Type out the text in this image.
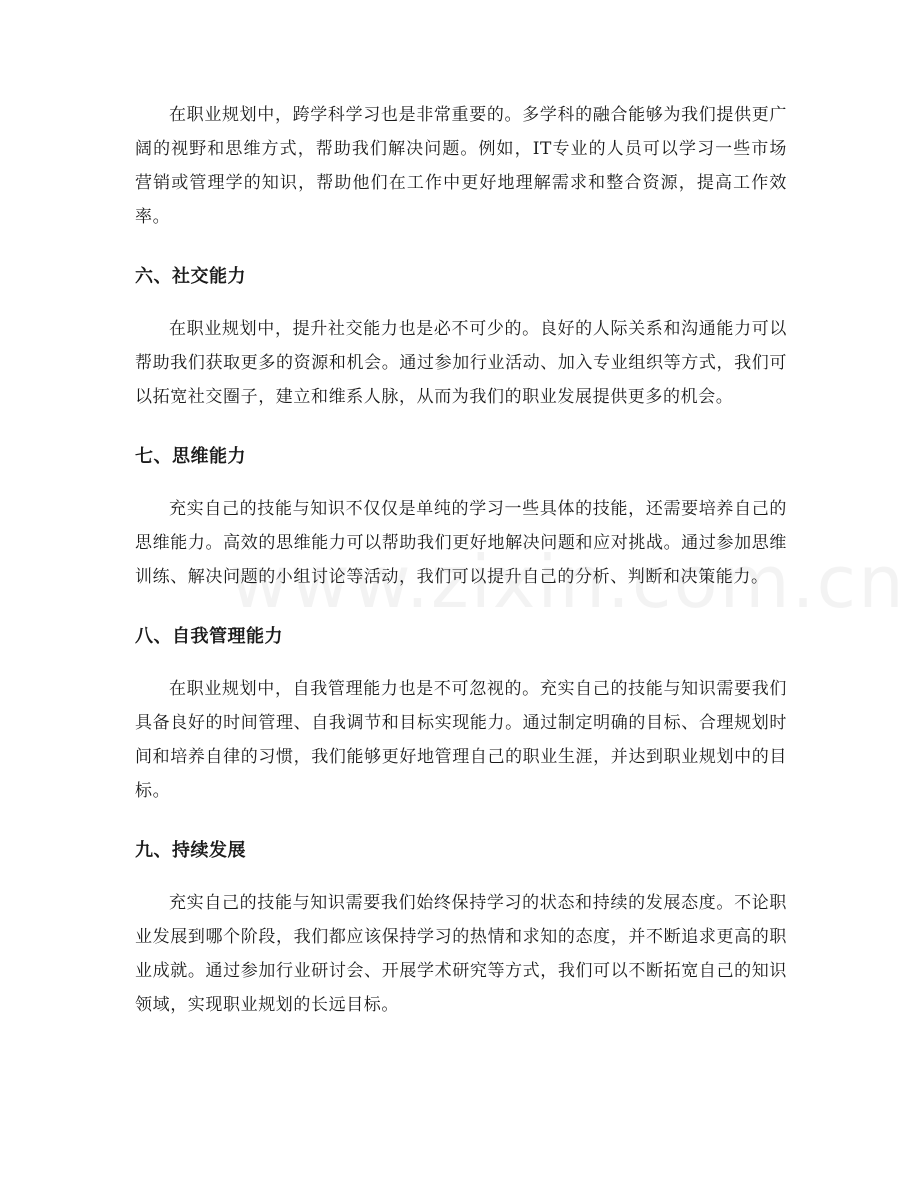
在职业规划中，跨学科学习也是非常重要的。多学科的融合能够为我们提供更广阔的视野和思维方式，帮助我们解决问题。例如，IT专业的人员可以学习一些市场营销或管理学的知识，帮助他们在工作中更好地理解需求和整合资源，提高工作效率。

六、社交能力

在职业规划中，提升社交能力也是必不可少的。良好的人际关系和沟通能力可以帮助我们获取更多的资源和机会。通过参加行业活动、加入专业组织等方式，我们可以拓宽社交圈子，建立和维系人脉，从而为我们的职业发展提供更多的机会。

七、思维能力

充实自己的技能与知识不仅仅是单纯的学习一些具体的技能，还需要培养自己的思维能力。高效的思维能力可以帮助我们更好地解决问题和应对挑战。通过参加思维训练、解决问题的小组讨论等活动，我们可以提升自己的分析、判断和决策能力。

八、自我管理能力

在职业规划中，自我管理能力也是不可忽视的。充实自己的技能与知识需要我们具备良好的时间管理、自我调节和目标实现能力。通过制定明确的目标、合理规划时间和培养自律的习惯，我们能够更好地管理自己的职业生涯，并达到职业规划中的目标。

九、持续发展

充实自己的技能与知识需要我们始终保持学习的状态和持续的发展态度。不论职业发展到哪个阶段，我们都应该保持学习的热情和求知的态度，并不断追求更高的职业成就。通过参加行业研讨会、开展学术研究等方式，我们可以不断拓宽自己的知识领域，实现职业规划的长远目标。
